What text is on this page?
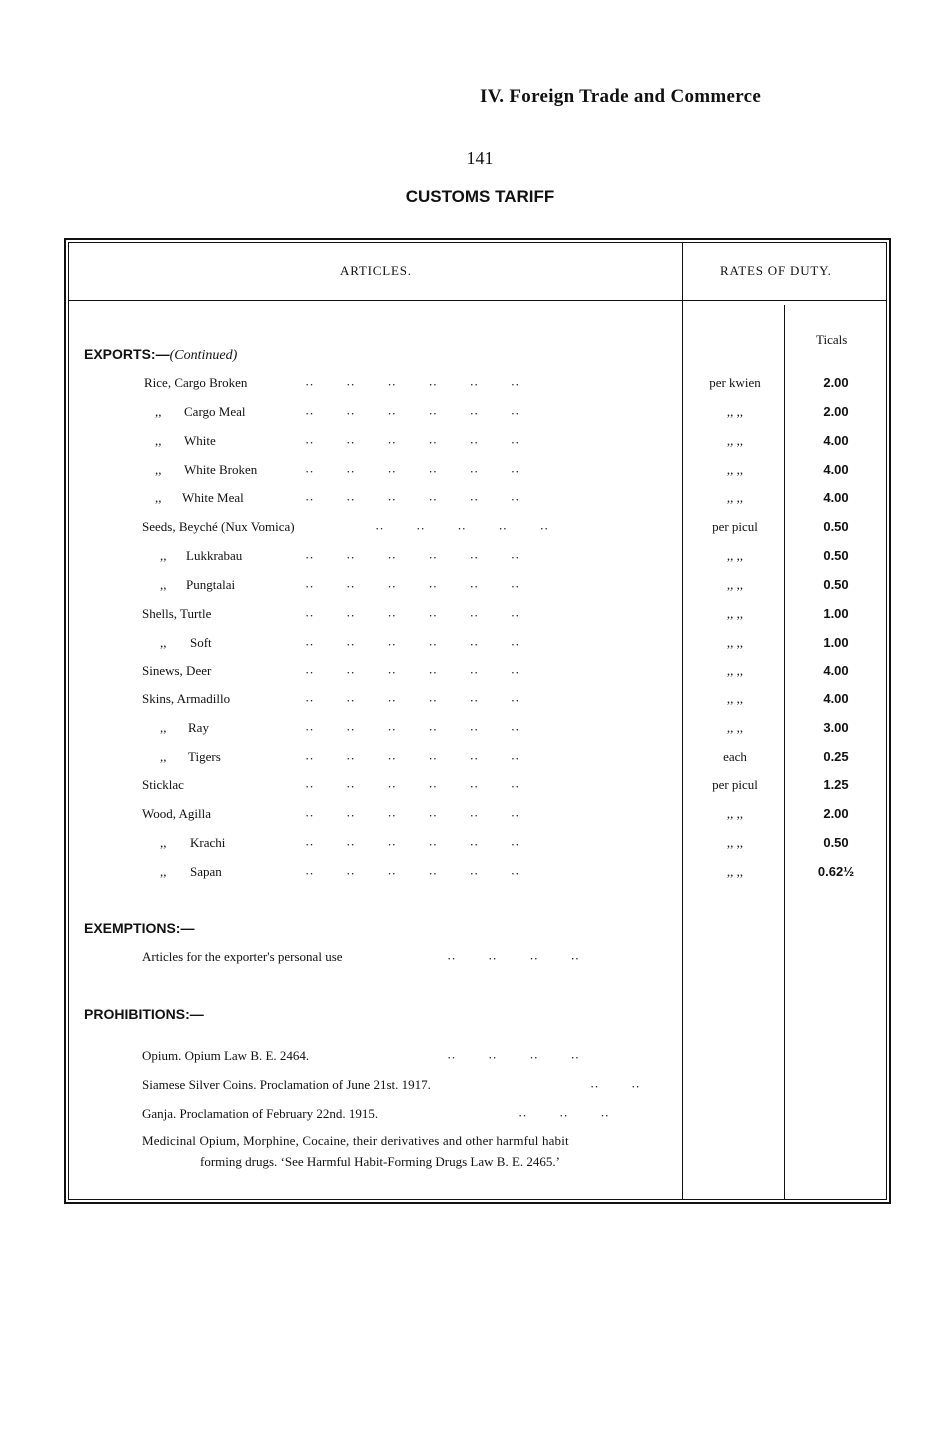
IV. Foreign Trade and Commerce
141
CUSTOMS TARIFF
ARTICLES.	RATES OF DUTY.
Ticals
EXPORTS:—(Continued)
Rice, Cargo Broken	per kwien	2.00
,, Cargo Meal	,, ,,	2.00
,, White	,, ,,	4.00
,, White Broken	,, ,,	4.00
,, White Meal	,, ,,	4.00
Seeds, Beyché (Nux Vomica)	per picul	0.50
,, Lukkrabau	,, ,,	0.50
,, Pungtalai	,, ,,	0.50
Shells, Turtle	,, ,,	1.00
,, Soft	,, ,,	1.00
Sinews, Deer	,, ,,	4.00
Skins, Armadillo	,, ,,	4.00
,, Ray	,, ,,	3.00
,, Tigers	each	0.25
Sticklac	per picul	1.25
Wood, Agilla	,, ,,	2.00
,, Krachi	,, ,,	0.50
,, Sapan	,, ,,	0.62½
··          ··          ··          ··          ··          ··
··          ··          ··          ··          ··          ··
··          ··          ··          ··          ··          ··
··          ··          ··          ··          ··          ··
··          ··          ··          ··          ··          ··
··          ··          ··          ··          ··
··          ··          ··          ··          ··          ··
··          ··          ··          ··          ··          ··
··          ··          ··          ··          ··          ··
··          ··          ··          ··          ··          ··
··          ··          ··          ··          ··          ··
··          ··          ··          ··          ··          ··
··          ··          ··          ··          ··          ··
··          ··          ··          ··          ··          ··
··          ··          ··          ··          ··          ··
··          ··          ··          ··          ··          ··
··          ··          ··          ··          ··          ··
··          ··          ··          ··          ··          ··
··          ··          ··          ··
··          ··          ··          ··
··          ··
··          ··          ··
EXEMPTIONS:—
Articles for the exporter's personal use
PROHIBITIONS:—
Opium. Opium Law B. E. 2464.
Siamese Silver Coins. Proclamation of June 21st. 1917.
Ganja. Proclamation of February 22nd. 1915.
Medicinal Opium, Morphine, Cocaine, their derivatives and other harmful habit
forming drugs. ‘See Harmful Habit-Forming Drugs Law B. E. 2465.’
